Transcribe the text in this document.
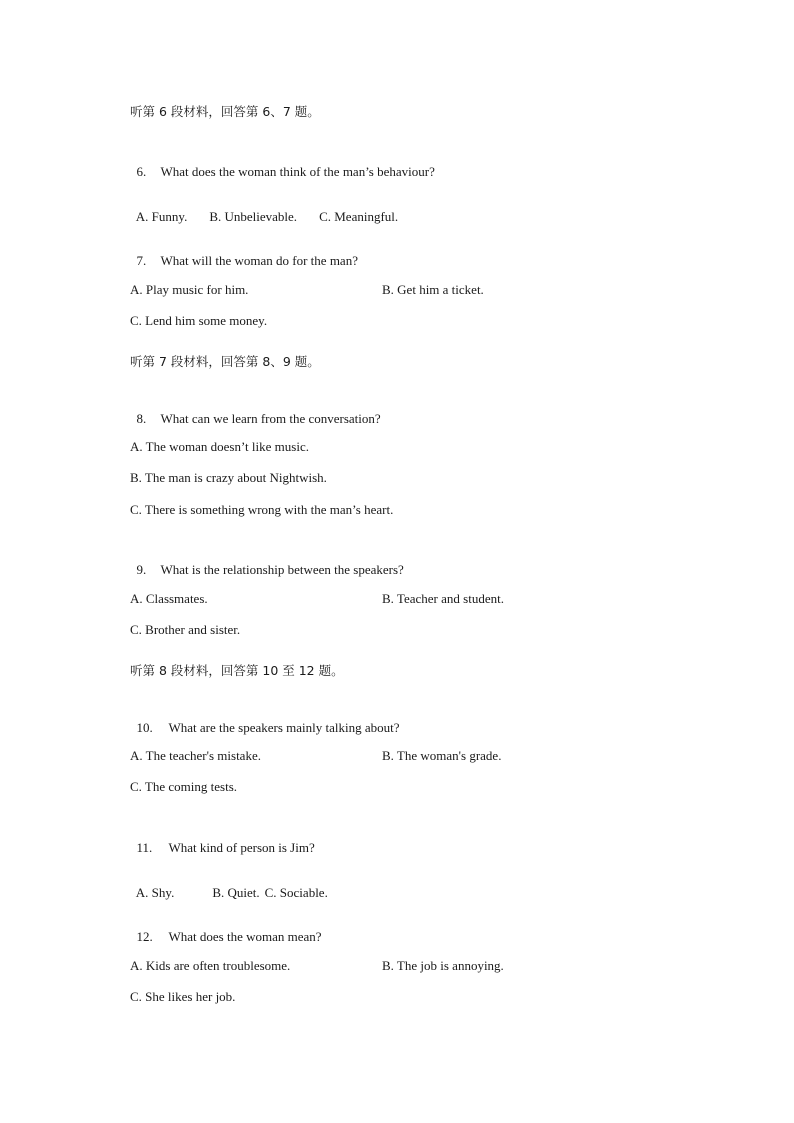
听第 6 段材料，回答第 6、7 题。

6. What does the woman think of the man’s behaviour?

A. Funny. B. Unbelievable. C. Meaningful.

7. What will the woman do for the man?

A. Play music for him.	B. Get him a ticket.
C. Lend him some money.
听第 7 段材料，回答第 8、9 题。

8. What can we learn from the conversation?

A. The woman doesn’t like music.
B. The man is crazy about Nightwish.
C. There is something wrong with the man’s heart.

9. What is the relationship between the speakers?

A. Classmates.	B. Teacher and student.
C. Brother and sister.
听第 8 段材料，回答第 10 至 12 题。

10. What are the speakers mainly talking about?

A. The teacher's mistake.	B. The woman's grade.
C. The coming tests.

11. What kind of person is Jim?

A. Shy.	B. Quiet. C. Sociable.

12. What does the woman mean?

A. Kids are often troublesome.	B. The job is annoying.
C. She likes her job.
